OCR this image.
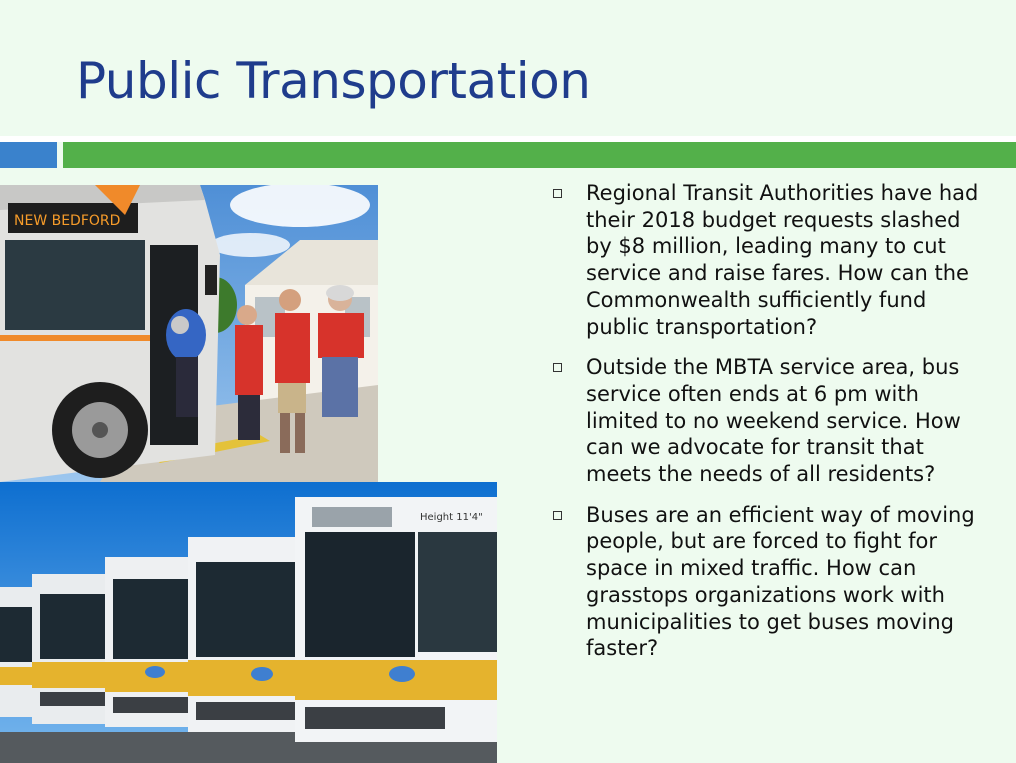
Public Transportation
NEW BEDFORD
Height 11'4"
Regional Transit Authorities have had their 2018 budget requests slashed by $8 million, leading many to cut service and raise fares. How can the Commonwealth sufficiently fund public transportation?
Outside the MBTA service area, bus service often ends at 6 pm with limited to no weekend service. How can we advocate for transit that meets the needs of all residents?
Buses are an efficient way of moving people, but are forced to fight for space in mixed traffic. How can grasstops organizations work with municipalities to get buses moving faster?
